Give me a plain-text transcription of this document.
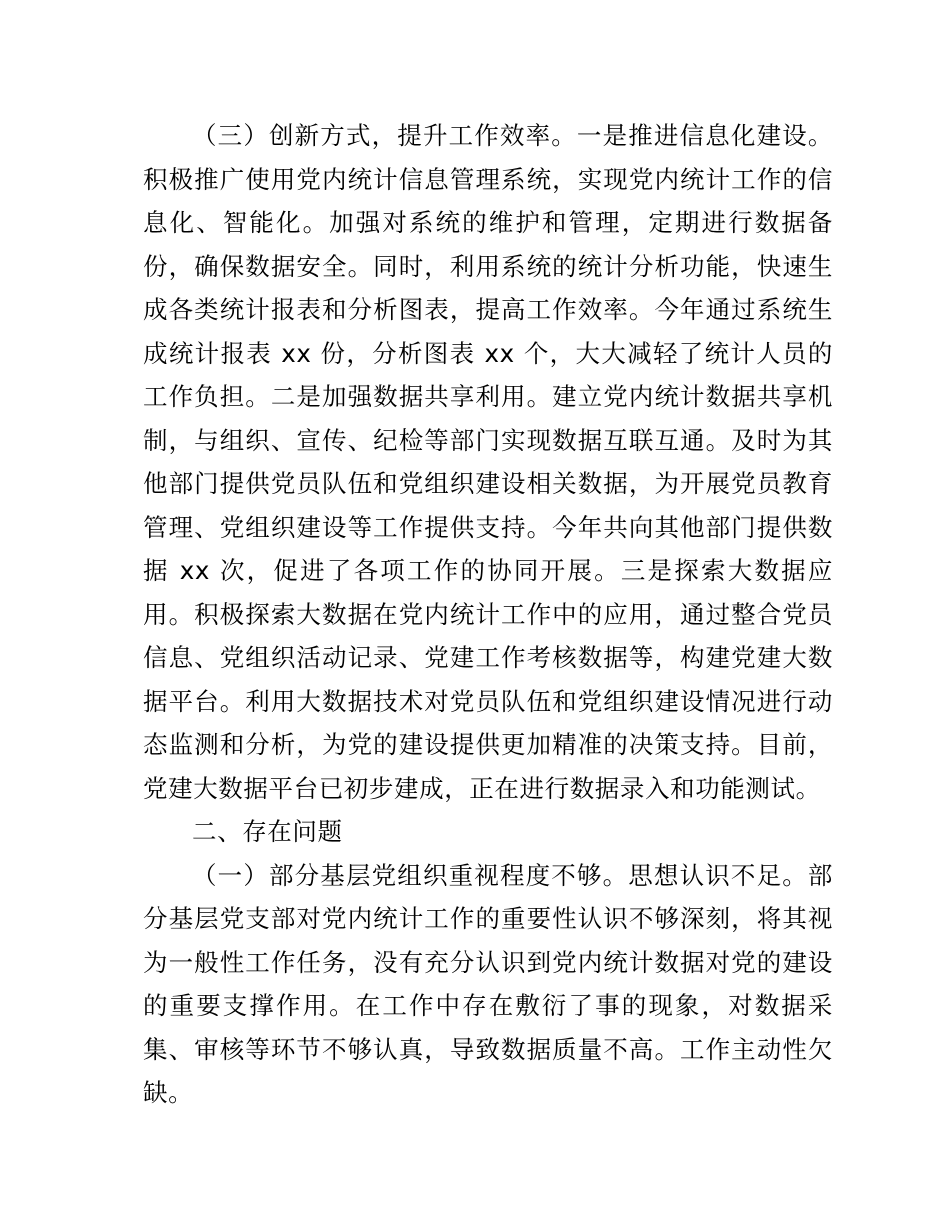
（三）创新方式，提升工作效率。一是推进信息化建设。积极推广使用党内统计信息管理系统，实现党内统计工作的信息化、智能化。加强对系统的维护和管理，定期进行数据备份，确保数据安全。同时，利用系统的统计分析功能，快速生成各类统计报表和分析图表，提高工作效率。今年通过系统生成统计报表 xx 份，分析图表 xx 个，大大减轻了统计人员的工作负担。二是加强数据共享利用。建立党内统计数据共享机制，与组织、宣传、纪检等部门实现数据互联互通。及时为其他部门提供党员队伍和党组织建设相关数据，为开展党员教育管理、党组织建设等工作提供支持。今年共向其他部门提供数据 xx 次，促进了各项工作的协同开展。三是探索大数据应用。积极探索大数据在党内统计工作中的应用，通过整合党员信息、党组织活动记录、党建工作考核数据等，构建党建大数据平台。利用大数据技术对党员队伍和党组织建设情况进行动态监测和分析，为党的建设提供更加精准的决策支持。目前，党建大数据平台已初步建成，正在进行数据录入和功能测试。

二、存在问题

（一）部分基层党组织重视程度不够。思想认识不足。部分基层党支部对党内统计工作的重要性认识不够深刻，将其视为一般性工作任务，没有充分认识到党内统计数据对党的建设的重要支撑作用。在工作中存在敷衍了事的现象，对数据采集、审核等环节不够认真，导致数据质量不高。工作主动性欠缺。
